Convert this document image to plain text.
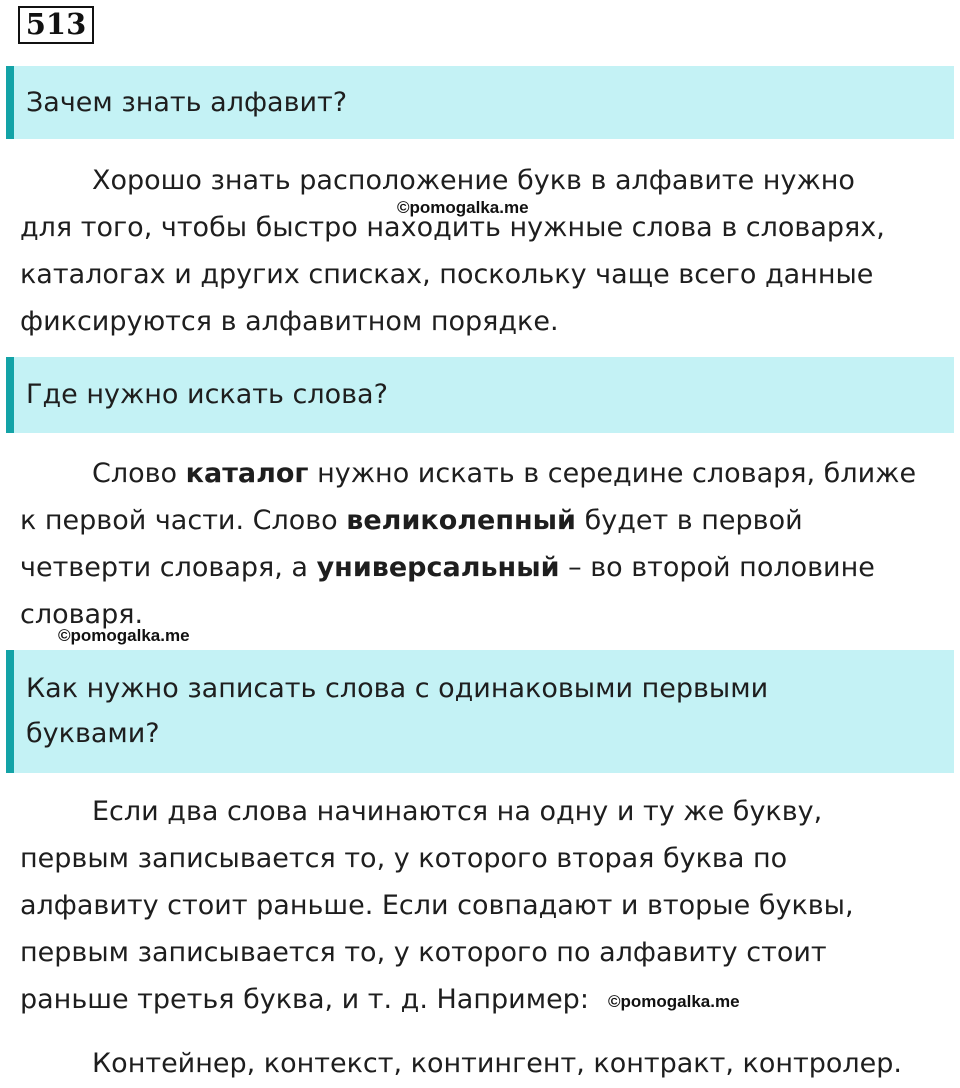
513
Зачем знать алфавит?

Хорошо знать расположение букв в алфавите нужно

для того, чтобы быстро находить нужные слова в словарях,

каталогах и других списках, поскольку чаще всего данные

фиксируются в алфавитном порядке.

©pomogalka.me
Где нужно искать слова?

Слово каталог нужно искать в середине словаря, ближе

к первой части. Слово великолепный будет в первой

четверти словаря, а универсальный – во второй половине

словаря.

©pomogalka.me
Как нужно записать слова с одинаковыми первыми
буквами?

Если два слова начинаются на одну и ту же букву,

первым записывается то, у которого вторая буква по

алфавиту стоит раньше. Если совпадают и вторые буквы,

первым записывается то, у которого по алфавиту стоит

раньше третья буква, и т. д. Например:	©pomogalka.me

Контейнер, контекст, контингент, контракт, контролер.
